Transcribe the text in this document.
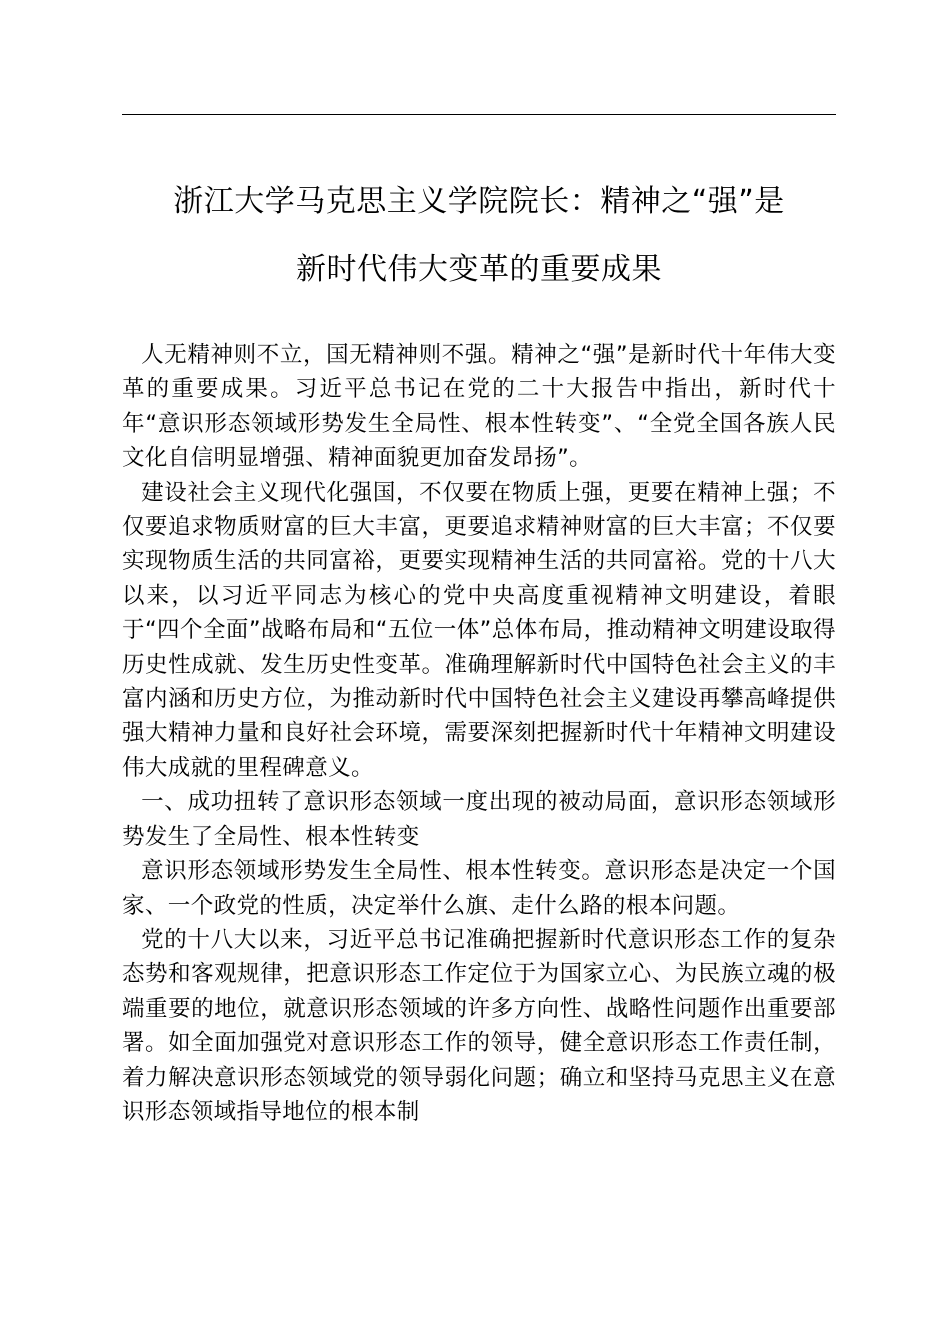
浙江大学马克思主义学院院长：精神之“强”是
新时代伟大变革的重要成果

人无精神则不立，国无精神则不强。精神之“强”是新时代十年伟大变革的重要成果。习近平总书记在党的二十大报告中指出，新时代十年“意识形态领域形势发生全局性、根本性转变”、“全党全国各族人民文化自信明显增强、精神面貌更加奋发昂扬”。

建设社会主义现代化强国，不仅要在物质上强，更要在精神上强；不仅要追求物质财富的巨大丰富，更要追求精神财富的巨大丰富；不仅要实现物质生活的共同富裕，更要实现精神生活的共同富裕。党的十八大以来，以习近平同志为核心的党中央高度重视精神文明建设，着眼于“四个全面”战略布局和“五位一体”总体布局，推动精神文明建设取得历史性成就、发生历史性变革。准确理解新时代中国特色社会主义的丰富内涵和历史方位，为推动新时代中国特色社会主义建设再攀高峰提供强大精神力量和良好社会环境，需要深刻把握新时代十年精神文明建设伟大成就的里程碑意义。

一、成功扭转了意识形态领域一度出现的被动局面，意识形态领域形势发生了全局性、根本性转变

意识形态领域形势发生全局性、根本性转变。意识形态是决定一个国家、一个政党的性质，决定举什么旗、走什么路的根本问题。

党的十八大以来，习近平总书记准确把握新时代意识形态工作的复杂态势和客观规律，把意识形态工作定位于为国家立心、为民族立魂的极端重要的地位，就意识形态领域的许多方向性、战略性问题作出重要部署。如全面加强党对意识形态工作的领导，健全意识形态工作责任制，着力解决意识形态领域党的领导弱化问题；确立和坚持马克思主义在意识形态领域指导地位的根本制
